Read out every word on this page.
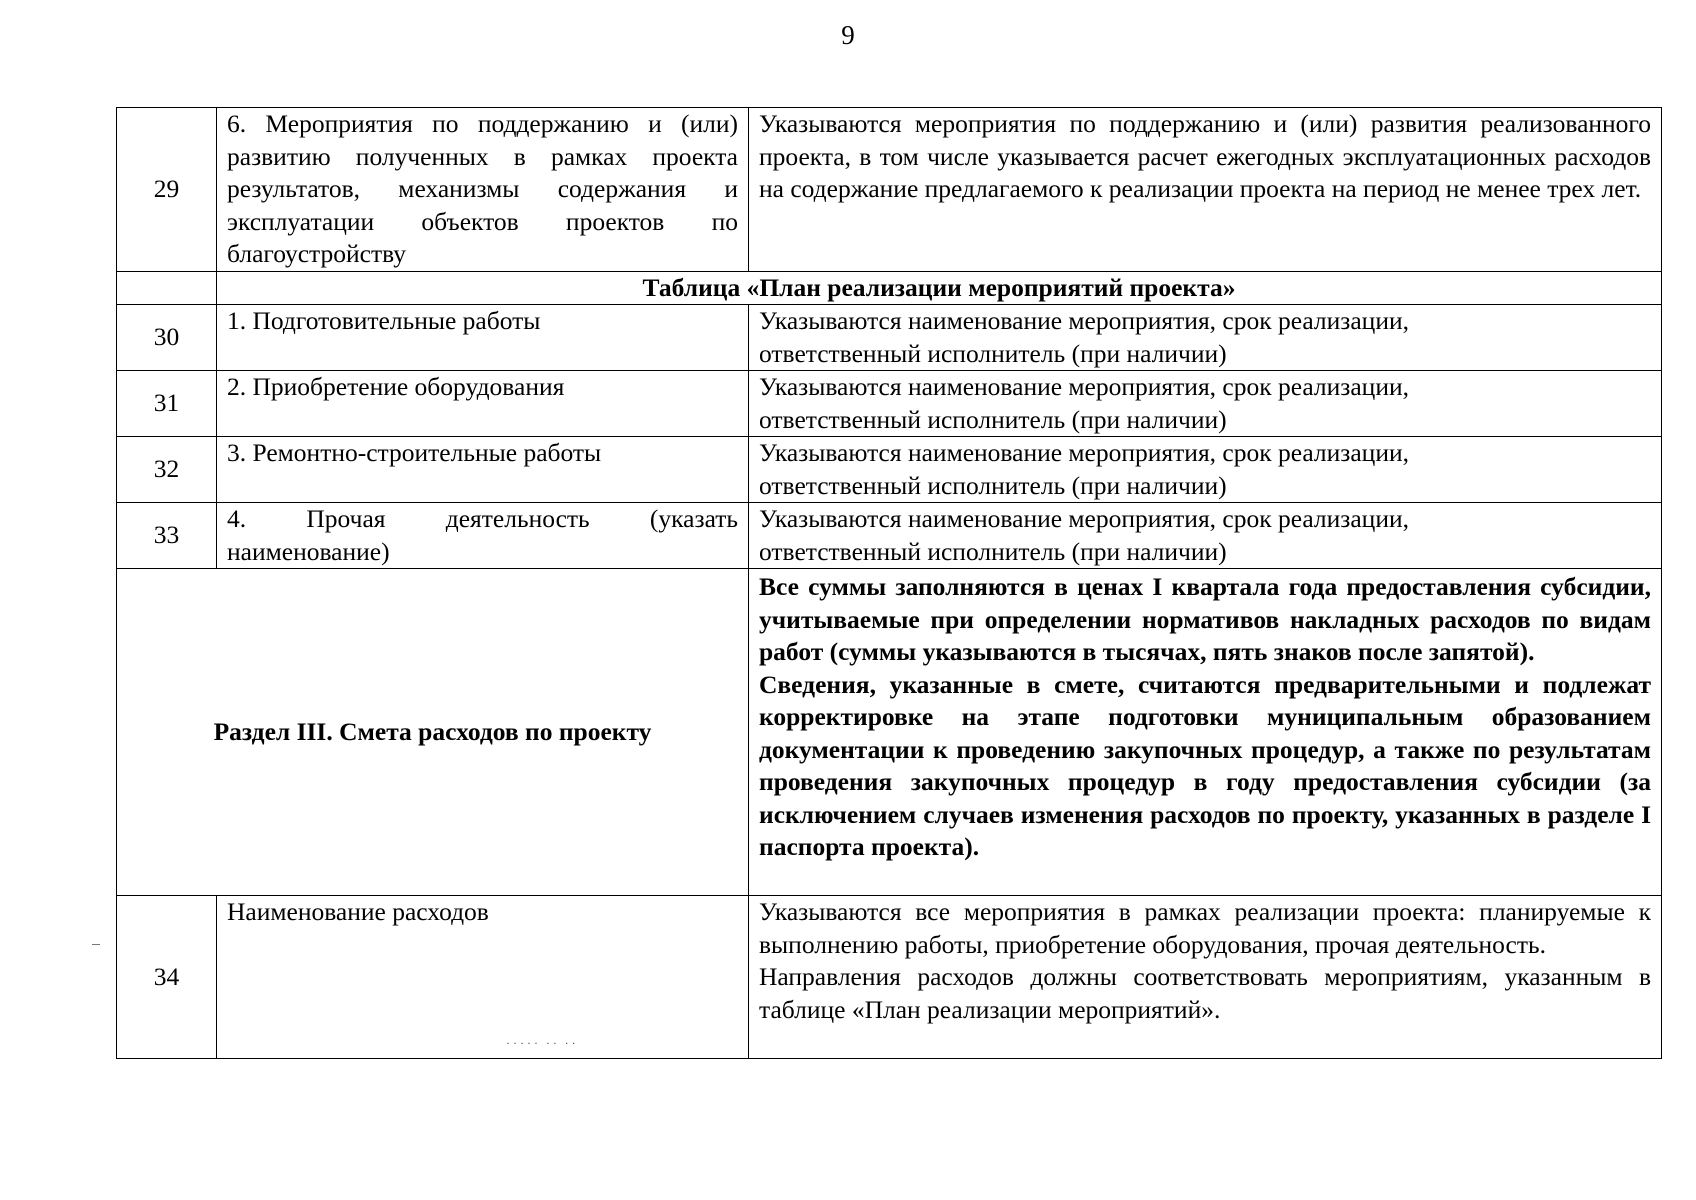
9
29	6. Мероприятия по поддержанию и (или) развитию полученных в рамках проекта результатов, механизмы содержания и эксплуатации объектов проектов по благоустройству	Указываются мероприятия по поддержанию и (или) развития реализованного проекта, в том числе указывается расчет ежегодных эксплуатационных расходов на содержание предлагаемого к реализации проекта на период не менее трех лет.
	Таблица «План реализации мероприятий проекта»	
30	1. Подготовительные работы	Указываются наименование мероприятия, срок реализации,
ответственный исполнитель (при наличии)

31	2. Приобретение оборудования	Указываются наименование мероприятия, срок реализации,
ответственный исполнитель (при наличии)

32	3. Ремонтно-строительные работы	Указываются наименование мероприятия, срок реализации,
ответственный исполнитель (при наличии)

33	4. Прочая деятельность (указать наименование)	Указываются наименование мероприятия, срок реализации,
ответственный исполнитель (при наличии)

Раздел III. Смета расходов по проекту		Все суммы заполняются в ценах I квартала года предоставления субсидии, учитываемые при определении нормативов накладных расходов по видам работ (суммы указываются в тысячах, пять знаков после запятой).

Сведения, указанные в смете, считаются предварительными и подлежат корректировке на этапе подготовки муниципальным образованием документации к проведению закупочных процедур, а также по результатам проведения закупочных процедур в году предоставления субсидии (за исключением случаев изменения расходов по проекту, указанных в разделе I паспорта проекта).

34	Наименование расходов	Указываются все мероприятия в рамках реализации проекта: планируемые к выполнению работы, приобретение оборудования, прочая деятельность.

Направления расходов должны соответствовать мероприятиям, указанным в таблице «План реализации мероприятий».

˙˙˙˙˙ ˙˙ ˙˙
